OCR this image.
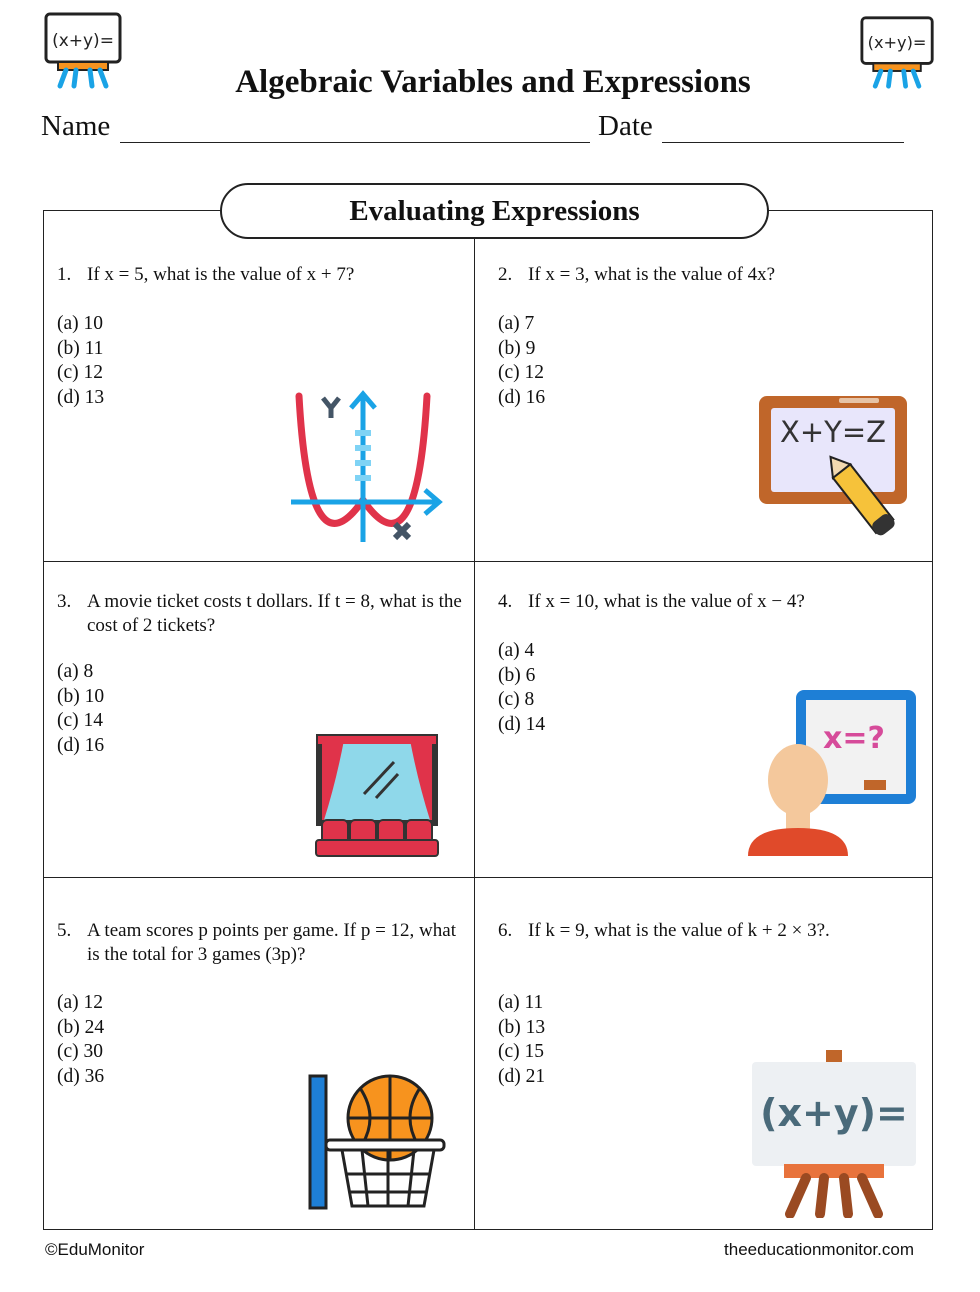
(x+y)=	(x+y)=
Algebraic Variables and Expressions
Name	Date
Evaluating Expressions
1. If x = 5, what is the value of x + 7?
(a) 10
(b) 11
(c) 12
(d) 13
2. If x = 3, what is the value of 4x?
(a) 7
(b) 9
(c) 12
(d) 16
X+Y=Z
3. A movie ticket costs t dollars. If t = 8, what is the cost of 2 tickets?
(a) 8
(b) 10
(c) 14
(d) 16
4. If x = 10, what is the value of x − 4?
(a) 4
(b) 6
(c) 8
(d) 14	x=?
5. A team scores p points per game. If p = 12, what is the total for 3 games (3p)?
(a) 12
(b) 24
(c) 30
(d) 36
6. If k = 9, what is the value of k + 2 × 3?.
(a) 11
(b) 13
(c) 15
(d) 21
(x+y)=
©EduMonitor	theeducationmonitor.com
